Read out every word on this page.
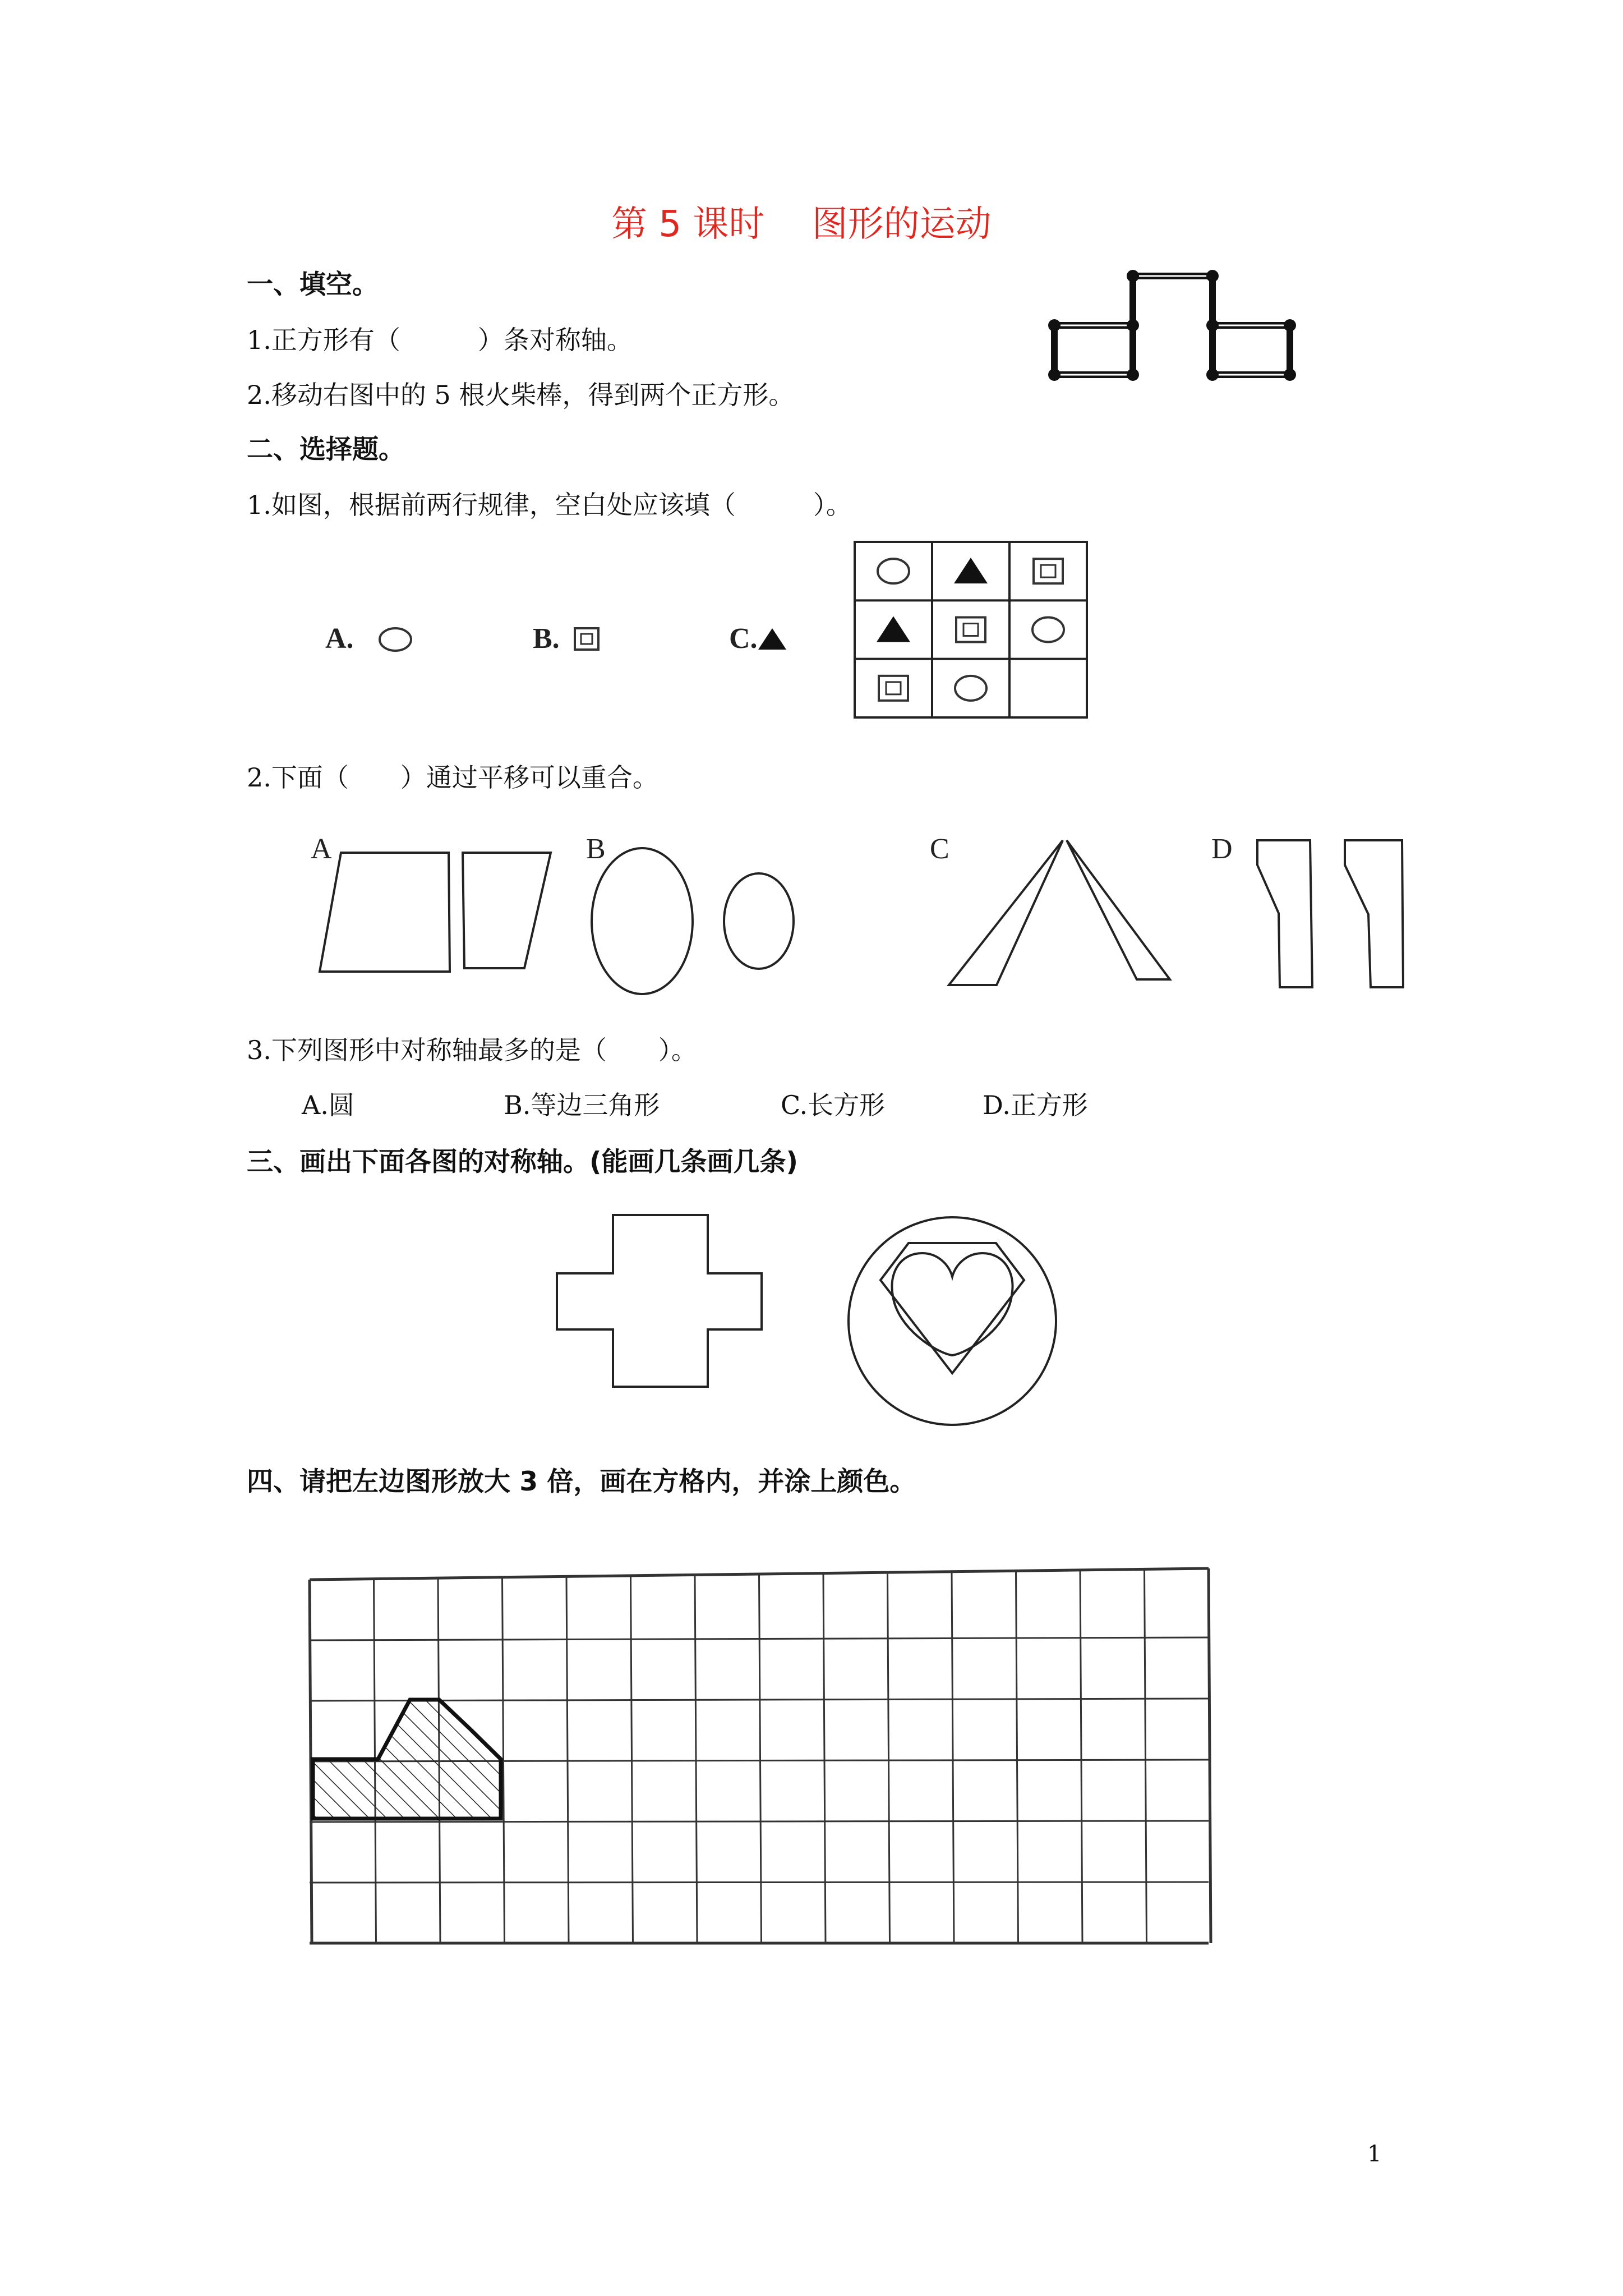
第 5 课时　 图形的运动
一、填空。
1.正方形有（　　　）条对称轴。
2.移动右图中的 5 根火柴棒，得到两个正方形。
二、选择题。
1.如图，根据前两行规律，空白处应该填（　　　）。
A.	B.	C.
2.下面（　　）通过平移可以重合。
A	B	C	D
3.下列图形中对称轴最多的是（　　）。
A.圆	B.等边三角形	C.长方形	D.正方形
三、画出下面各图的对称轴。(能画几条画几条)
四、请把左边图形放大 3 倍，画在方格内，并涂上颜色。
1
